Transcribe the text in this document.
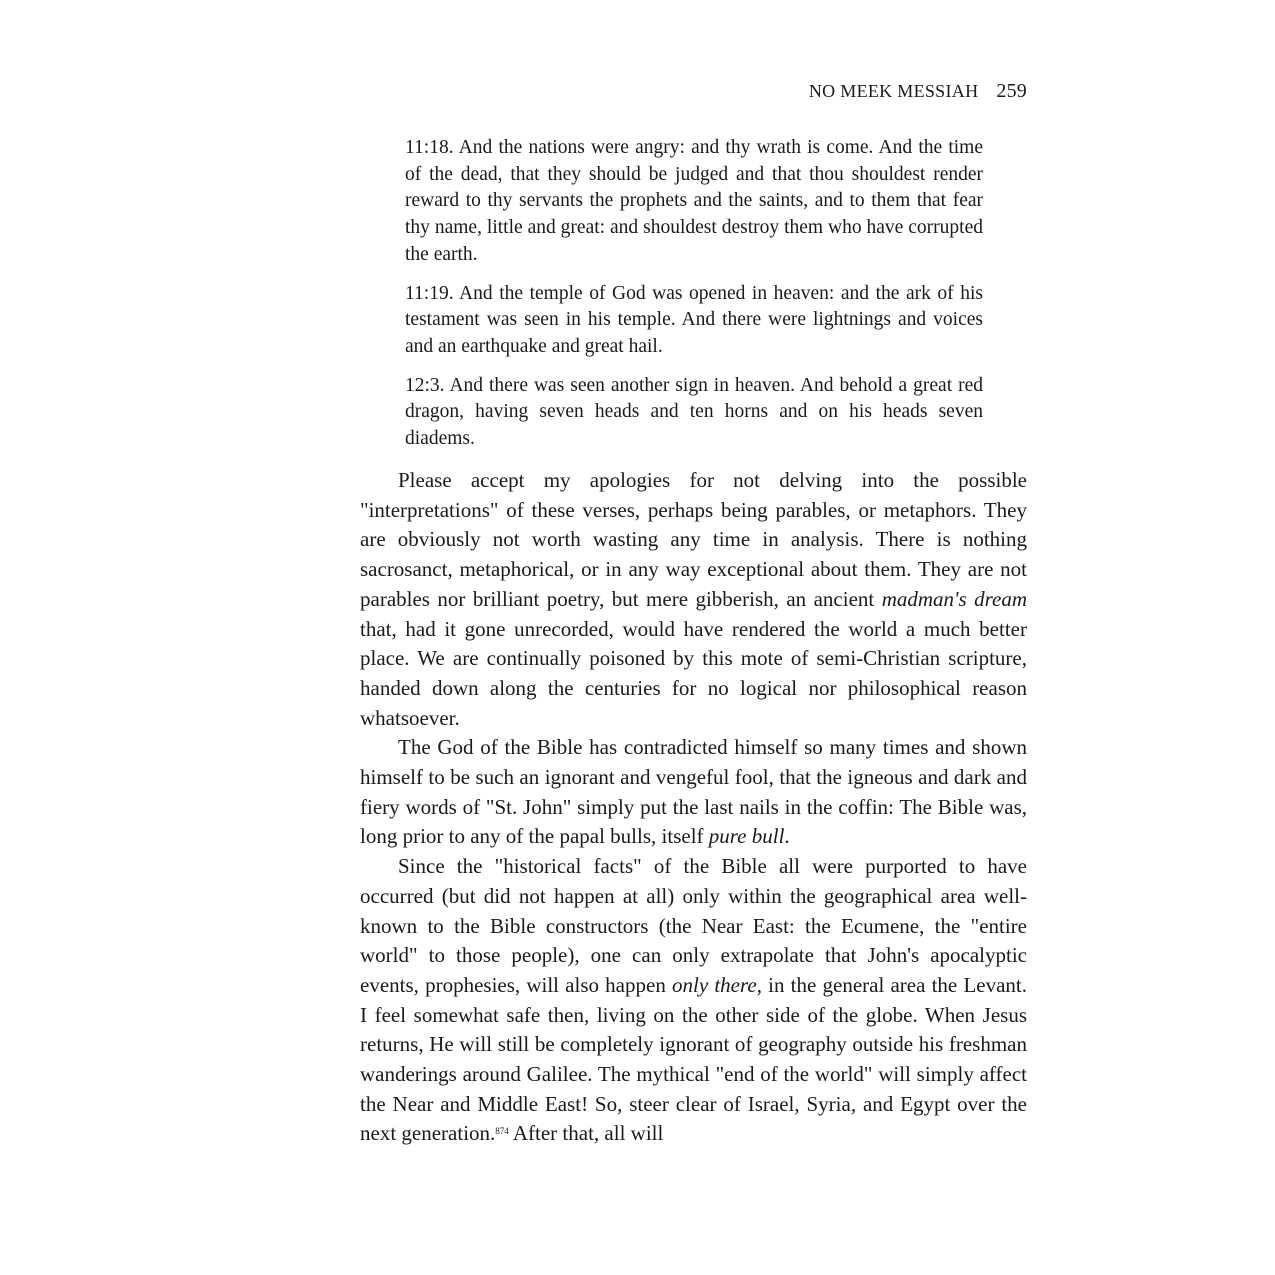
NO MEEK MESSIAH 259

11:18. And the nations were angry: and thy wrath is come. And the time of the dead, that they should be judged and that thou shouldest render reward to thy servants the prophets and the saints, and to them that fear thy name, little and great: and shouldest destroy them who have corrupted the earth.

11:19. And the temple of God was opened in heaven: and the ark of his testament was seen in his temple. And there were lightnings and voices and an earthquake and great hail.

12:3. And there was seen another sign in heaven. And behold a great red dragon, having seven heads and ten horns and on his heads seven diadems.

Please accept my apologies for not delving into the possible "interpretations" of these verses, perhaps being parables, or metaphors. They are obviously not worth wasting any time in analysis. There is nothing sacrosanct, metaphorical, or in any way exceptional about them. They are not parables nor brilliant poetry, but mere gibberish, an ancient madman's dream that, had it gone unrecorded, would have rendered the world a much better place. We are continually poisoned by this mote of semi-Christian scripture, handed down along the centuries for no logical nor philosophical reason whatsoever.

The God of the Bible has contradicted himself so many times and shown himself to be such an ignorant and vengeful fool, that the igneous and dark and fiery words of "St. John" simply put the last nails in the coffin: The Bible was, long prior to any of the papal bulls, itself pure bull.

Since the "historical facts" of the Bible all were purported to have occurred (but did not happen at all) only within the geographical area well-known to the Bible constructors (the Near East: the Ecumene, the "entire world" to those people), one can only extrapolate that John's apocalyptic events, prophesies, will also happen only there, in the general area the Levant. I feel somewhat safe then, living on the other side of the globe. When Jesus returns, He will still be completely ignorant of geography outside his freshman wanderings around Galilee. The mythical "end of the world" will simply affect the Near and Middle East! So, steer clear of Israel, Syria, and Egypt over the next generation.$^{874}$ After that, all will
